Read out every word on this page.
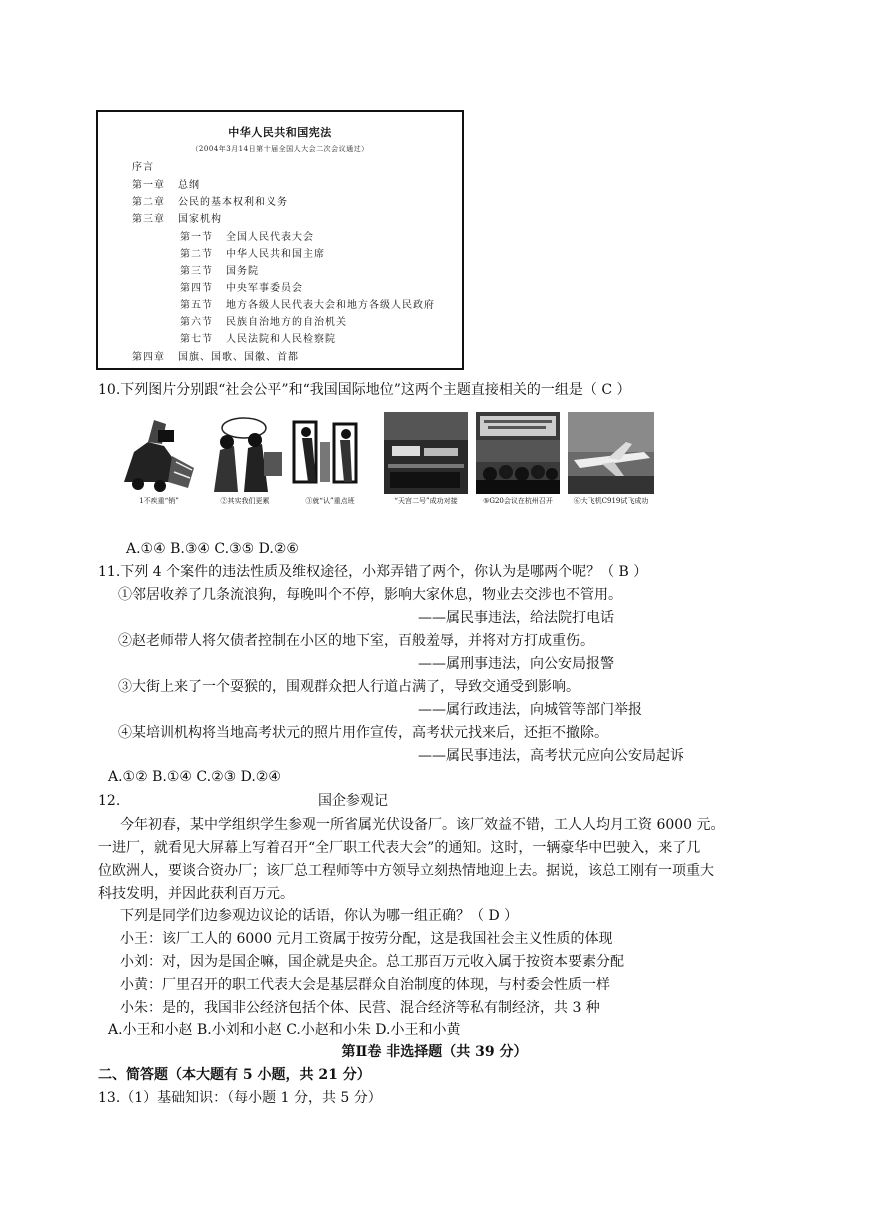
中华人民共和国宪法
（2004年3月14日第十届全国人大会二次会议通过）
序言
第一章 总纲
第二章 公民的基本权利和义务
第三章 国家机构
第一节 全国人民代表大会
第二节 中华人民共和国主席
第三节 国务院
第四节 中央军事委员会
第五节 地方各级人民代表大会和地方各级人民政府
第六节 民族自治地方的自治机关
第七节 人民法院和人民检察院
第四章 国旗、国歌、国徽、首都
10.下列图片分别跟“社会公平”和“我国国际地位”这两个主题直接相关的一组是（ C ）
1不疾重“销”	②其实我们更累	③就“认”重点班	“天宫二号”成功对接	⑤G20会议在杭州召开	⑥大飞机C919试飞成功
A.①④ B.③④ C.③⑤ D.②⑥
11.下列 4 个案件的违法性质及维权途径，小郑弄错了两个，你认为是哪两个呢？（ B ）
①邻居收养了几条流浪狗，每晚叫个不停，影响大家休息，物业去交涉也不管用。
——属民事违法，给法院打电话
②赵老师带人将欠债者控制在小区的地下室，百般羞辱，并将对方打成重伤。
——属刑事违法，向公安局报警
③大街上来了一个耍猴的，围观群众把人行道占满了，导致交通受到影响。
——属行政违法，向城管等部门举报
④某培训机构将当地高考状元的照片用作宣传，高考状元找来后，还拒不撤除。
——属民事违法，高考状元应向公安局起诉
A.①② B.①④ C.②③ D.②④
12.	国企参观记
今年初春，某中学组织学生参观一所省属光伏设备厂。该厂效益不错，工人人均月工资 6000 元。
一进厂，就看见大屏幕上写着召开“全厂职工代表大会”的通知。这时，一辆豪华中巴驶入，来了几
位欧洲人，要谈合资办厂；该厂总工程师等中方领导立刻热情地迎上去。据说，该总工刚有一项重大
科技发明，并因此获利百万元。
下列是同学们边参观边议论的话语，你认为哪一组正确？（ D ）
小王：该厂工人的 6000 元月工资属于按劳分配，这是我国社会主义性质的体现
小刘：对，因为是国企嘛，国企就是央企。总工那百万元收入属于按资本要素分配
小黄：厂里召开的职工代表大会是基层群众自治制度的体现，与村委会性质一样
小朱：是的，我国非公经济包括个体、民营、混合经济等私有制经济，共 3 种
A.小王和小赵 B.小刘和小赵 C.小赵和小朱 D.小王和小黄
第Ⅱ卷 非选择题（共 39 分）
二、简答题（本大题有 5 小题，共 21 分）
13.（1）基础知识：（每小题 1 分，共 5 分）
